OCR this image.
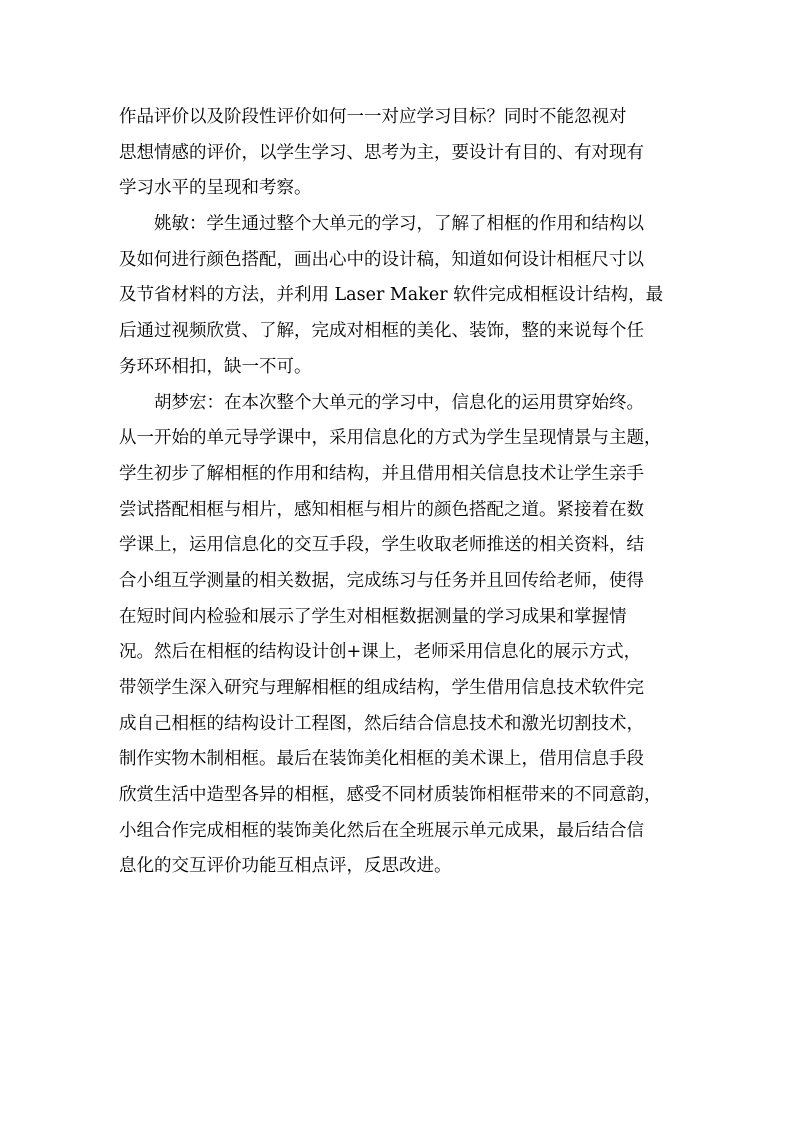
作品评价以及阶段性评价如何一一对应学习目标？同时不能忽视对
思想情感的评价，以学生学习、思考为主，要设计有目的、有对现有
学习水平的呈现和考察。

姚敏：学生通过整个大单元的学习，了解了相框的作用和结构以
及如何进行颜色搭配，画出心中的设计稿，知道如何设计相框尺寸以
及节省材料的方法，并利用 Laser Maker 软件完成相框设计结构，最
后通过视频欣赏、了解，完成对相框的美化、装饰，整的来说每个任
务环环相扣，缺一不可。

胡梦宏：在本次整个大单元的学习中，信息化的运用贯穿始终。
从一开始的单元导学课中，采用信息化的方式为学生呈现情景与主题，
学生初步了解相框的作用和结构，并且借用相关信息技术让学生亲手
尝试搭配相框与相片，感知相框与相片的颜色搭配之道。紧接着在数
学课上，运用信息化的交互手段，学生收取老师推送的相关资料，结
合小组互学测量的相关数据，完成练习与任务并且回传给老师，使得
在短时间内检验和展示了学生对相框数据测量的学习成果和掌握情
况。然后在相框的结构设计创+课上，老师采用信息化的展示方式，
带领学生深入研究与理解相框的组成结构，学生借用信息技术软件完
成自己相框的结构设计工程图，然后结合信息技术和激光切割技术，
制作实物木制相框。最后在装饰美化相框的美术课上，借用信息手段
欣赏生活中造型各异的相框，感受不同材质装饰相框带来的不同意韵，
小组合作完成相框的装饰美化然后在全班展示单元成果，最后结合信
息化的交互评价功能互相点评，反思改进。
